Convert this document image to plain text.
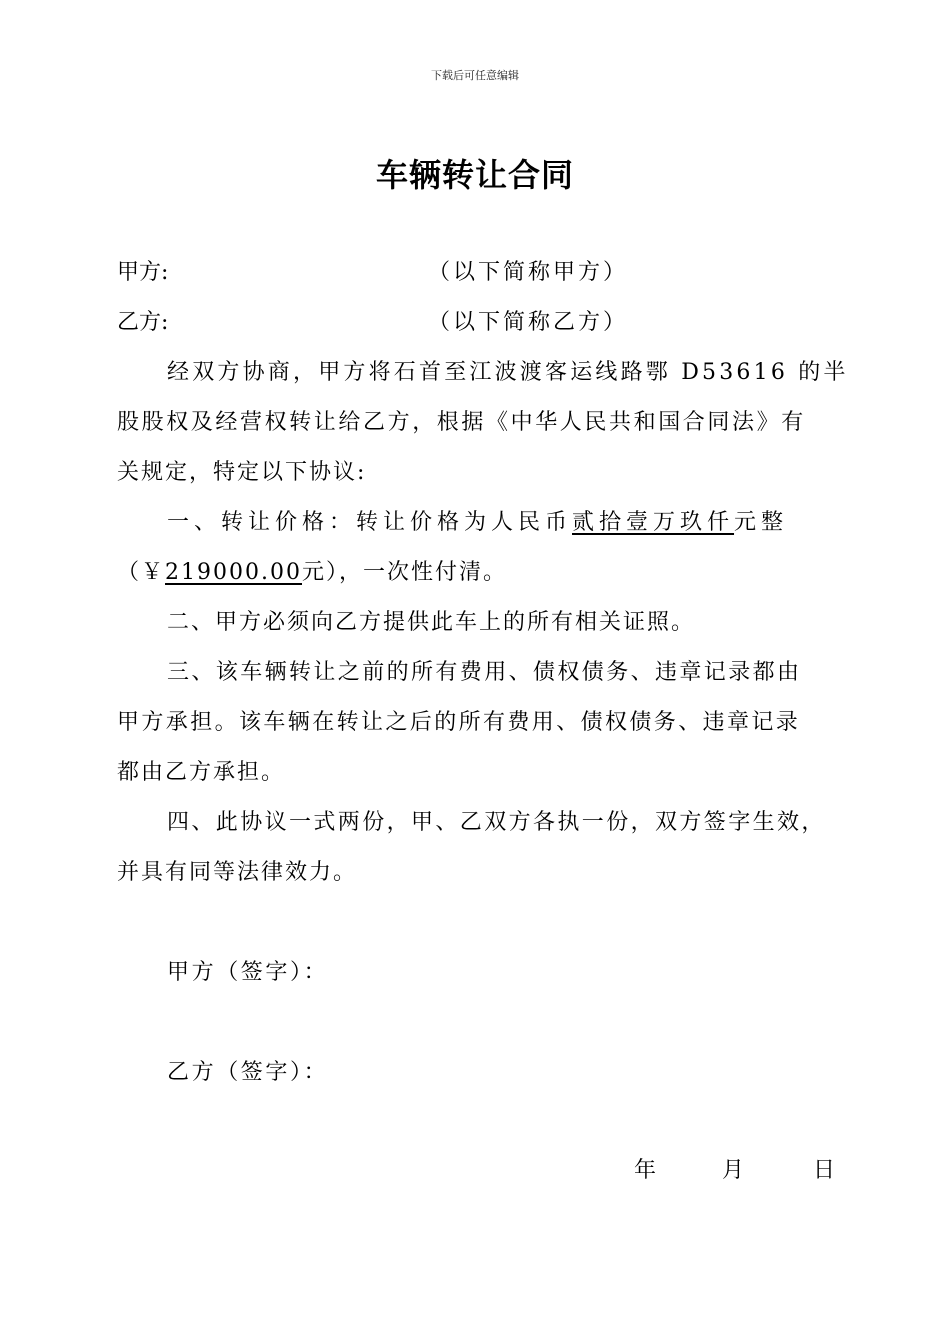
下载后可任意编辑
车辆转让合同
甲方:	（以下简称甲方）
乙方:	（以下简称乙方）
经双方协商，甲方将石首至江波渡客运线路鄂 D53616 的半
股股权及经营权转让给乙方，根据《中华人民共和国合同法》有
关规定，特定以下协议:
一、转让价格：转让价格为人民币贰拾壹万玖仟元整
（￥219000.00元），一次性付清。
二、甲方必须向乙方提供此车上的所有相关证照。
三、该车辆转让之前的所有费用、债权债务、违章记录都由
甲方承担。该车辆在转让之后的所有费用、债权债务、违章记录
都由乙方承担。
四、此协议一式两份，甲、乙双方各执一份，双方签字生效，
并具有同等法律效力。
甲方（签字）：
乙方（签字）：
年	月	日
